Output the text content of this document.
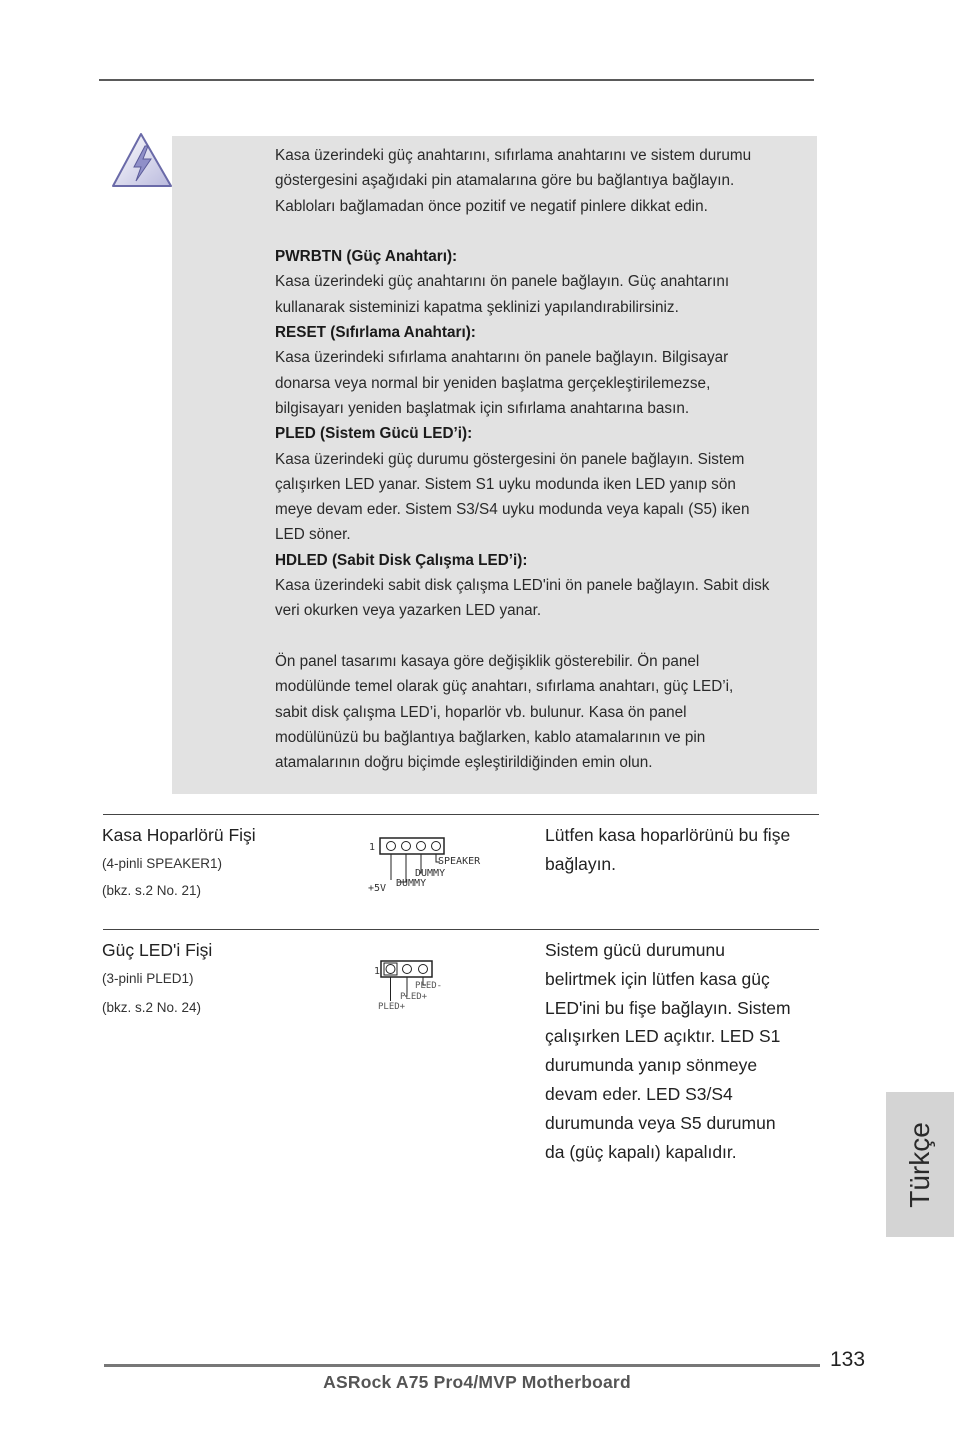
Kasa üzerindeki güç anahtarını, sıfırlama anahtarını ve sistem durumu

göstergesini aşağıdaki pin atamalarına göre bu bağlantıya bağlayın.

Kabloları bağlamadan önce pozitif ve negatif pinlere dikkat edin.

PWRBTN (Güç Anahtarı):

Kasa üzerindeki güç anahtarını ön panele bağlayın. Güç anahtarını

kullanarak sisteminizi kapatma şeklinizi yapılandırabilirsiniz.

RESET (Sıfırlama Anahtarı):

Kasa üzerindeki sıfırlama anahtarını ön panele bağlayın. Bilgisayar

donarsa veya normal bir yeniden başlatma gerçekleştirilemezse,

bilgisayarı yeniden başlatmak için sıfırlama anahtarına basın.

PLED (Sistem Gücü LED’i):

Kasa üzerindeki güç durumu göstergesini ön panele bağlayın. Sistem

çalışırken LED yanar. Sistem S1 uyku modunda iken LED yanıp sön

meye devam eder. Sistem S3/S4 uyku modunda veya kapalı (S5) iken

LED söner.

HDLED (Sabit Disk Çalışma LED’i):

Kasa üzerindeki sabit disk çalışma LED'ini ön panele bağlayın. Sabit disk

veri okurken veya yazarken LED yanar.

Ön panel tasarımı kasaya göre değişiklik gösterebilir. Ön panel

modülünde temel olarak güç anahtarı, sıfırlama anahtarı, güç LED’i,

sabit disk çalışma LED’i, hoparlör vb. bulunur. Kasa ön panel

modülünüzü bu bağlantıya bağlarken, kablo atamalarının ve pin

atamalarının doğru biçimde eşleştirildiğinden emin olun.

Kasa Hoparlörü Fişi
(4-pinli SPEAKER1)
(bkz. s.2 No. 21)

Lütfen kasa hoparlörünü bu fişe

bağlayın.

1
SPEAKER
DUMMY
DUMMY
+5V
Güç LED'i Fişi
(3-pinli PLED1)
(bkz. s.2 No. 24)

Sistem gücü durumunu

belirtmek için lütfen kasa güç

LED'ini bu fişe bağlayın. Sistem

çalışırken LED açıktır. LED S1

durumunda yanıp sönmeye

devam eder. LED S3/S4

durumunda veya S5 durumun

da (güç kapalı) kapalıdır.

1
PLED-
PLED+
PLED+
Türkçe
133
ASRock A75 Pro4/MVP Motherboard
